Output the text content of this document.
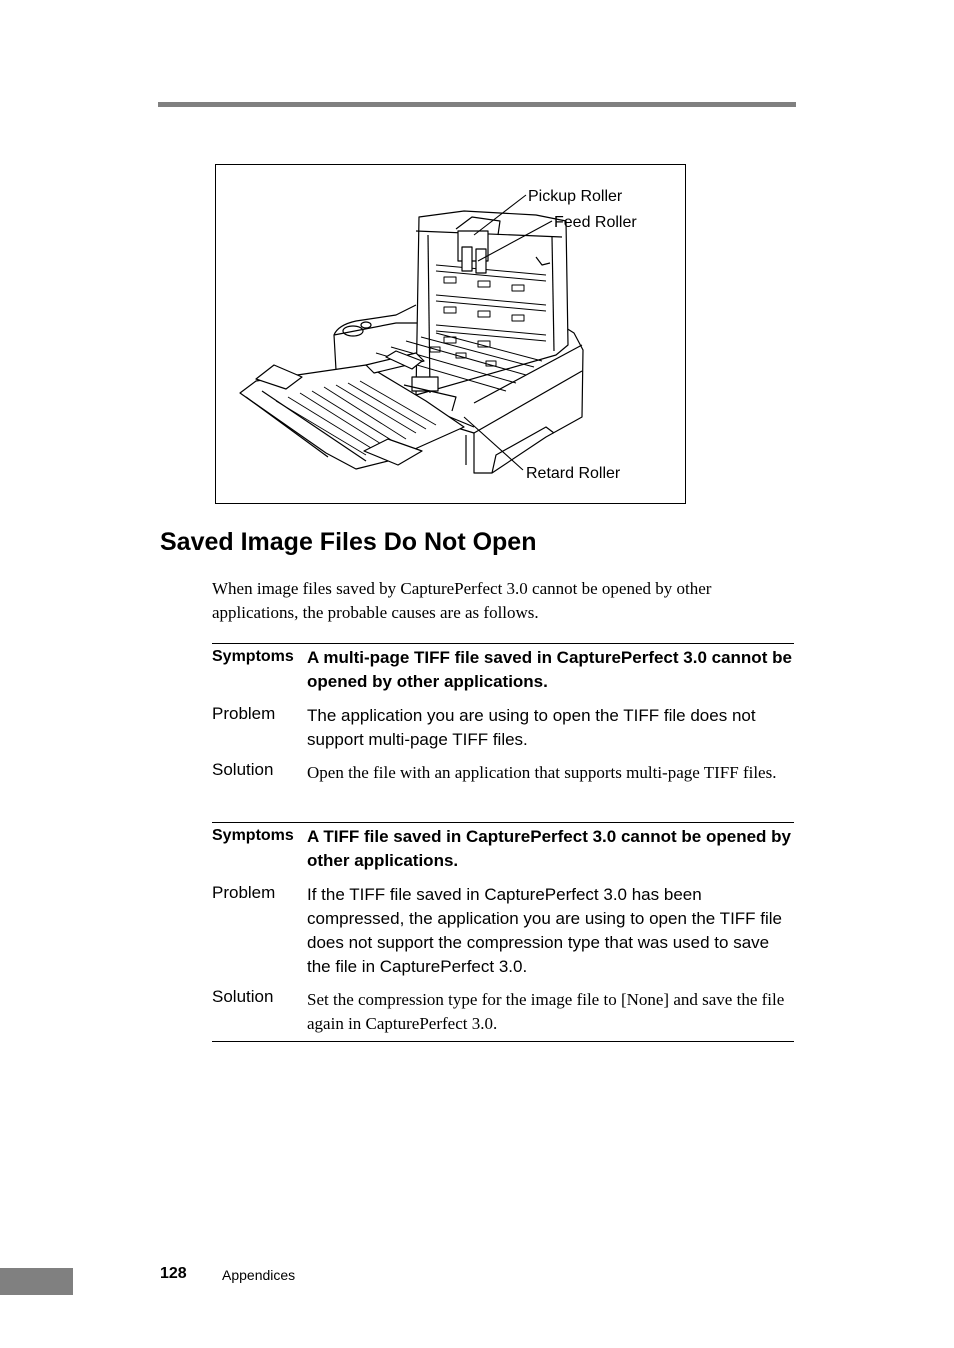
Pickup Roller
Feed Roller
Retard Roller
Saved Image Files Do Not Open

When image files saved by CapturePerfect 3.0 cannot be opened by other applications, the probable causes are as follows.

Symptoms A multi-page TIFF file saved in CapturePerfect 3.0 cannot be opened by other applications.
Problem	The application you are using to open the TIFF file does not support multi-page TIFF files.
Solution	Open the file with an application that supports multi-page TIFF files.
Symptoms A TIFF file saved in CapturePerfect 3.0 cannot be opened by other applications.
Problem	If the TIFF file saved in CapturePerfect 3.0 has been compressed, the application you are using to open the TIFF file does not support the compression type that was used to save the file in CapturePerfect 3.0.
Solution	Set the compression type for the image file to [None] and save the file again in CapturePerfect 3.0.
128	Appendices
